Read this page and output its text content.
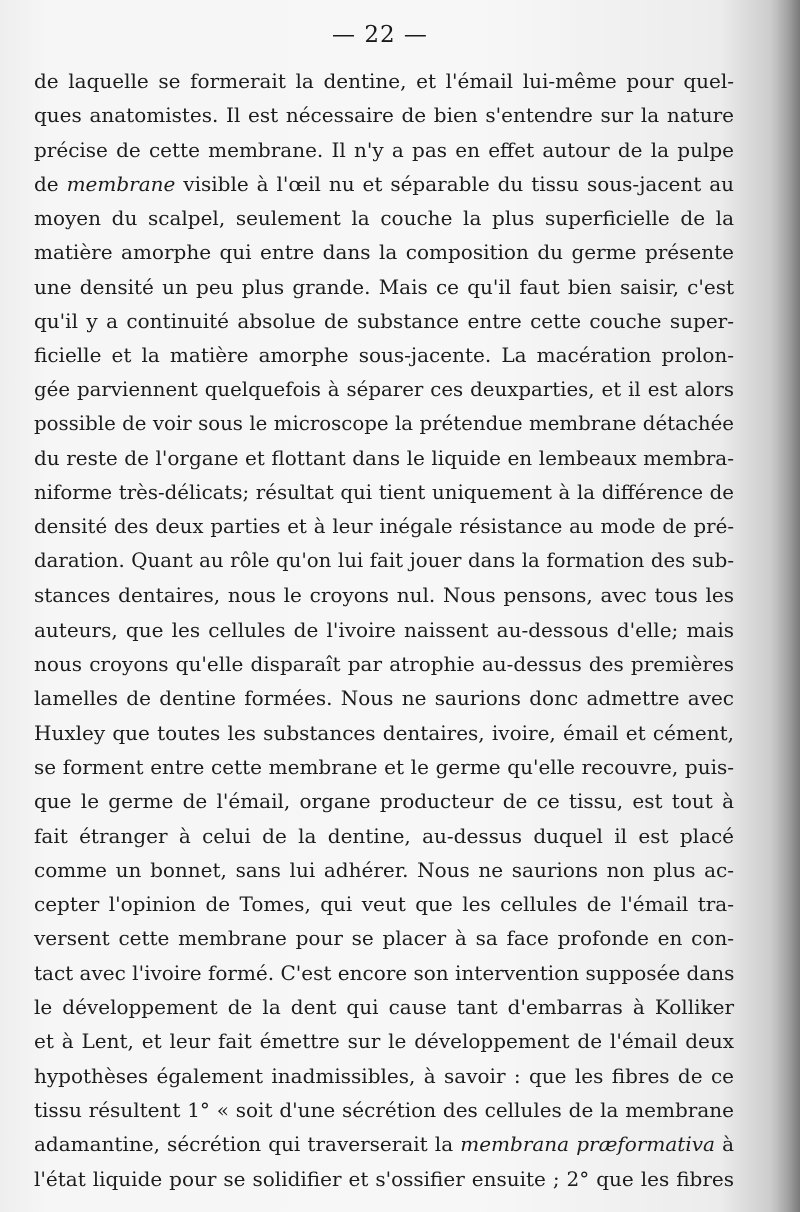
— 22 —
de laquelle se formerait la dentine, et l'émail lui-même pour quel-
ques anatomistes. Il est nécessaire de bien s'entendre sur la nature
précise de cette membrane. Il n'y a pas en effet autour de la pulpe
de membrane visible à l'œil nu et séparable du tissu sous-jacent au
moyen du scalpel, seulement la couche la plus superficielle de la
matière amorphe qui entre dans la composition du germe présente
une densité un peu plus grande. Mais ce qu'il faut bien saisir, c'est
qu'il y a continuité absolue de substance entre cette couche super-
ficielle et la matière amorphe sous-jacente. La macération prolon-
gée parviennent quelquefois à séparer ces deuxparties, et il est alors
possible de voir sous le microscope la prétendue membrane détachée
du reste de l'organe et flottant dans le liquide en lembeaux membra-
niforme très-délicats; résultat qui tient uniquement à la différence de
densité des deux parties et à leur inégale résistance au mode de pré-
daration. Quant au rôle qu'on lui fait jouer dans la formation des sub-
stances dentaires, nous le croyons nul. Nous pensons, avec tous les
auteurs, que les cellules de l'ivoire naissent au-dessous d'elle; mais
nous croyons qu'elle disparaît par atrophie au-dessus des premières
lamelles de dentine formées. Nous ne saurions donc admettre avec
Huxley que toutes les substances dentaires, ivoire, émail et cément,
se forment entre cette membrane et le germe qu'elle recouvre, puis-
que le germe de l'émail, organe producteur de ce tissu, est tout à
fait étranger à celui de la dentine, au-dessus duquel il est placé
comme un bonnet, sans lui adhérer. Nous ne saurions non plus ac-
cepter l'opinion de Tomes, qui veut que les cellules de l'émail tra-
versent cette membrane pour se placer à sa face profonde en con-
tact avec l'ivoire formé. C'est encore son intervention supposée dans
le développement de la dent qui cause tant d'embarras à Kolliker
et à Lent, et leur fait émettre sur le développement de l'émail deux
hypothèses également inadmissibles, à savoir : que les fibres de ce
tissu résultent 1° « soit d'une sécrétion des cellules de la membrane
adamantine, sécrétion qui traverserait la membrana præformativa à
l'état liquide pour se solidifier et s'ossifier ensuite ; 2° que les fibres
